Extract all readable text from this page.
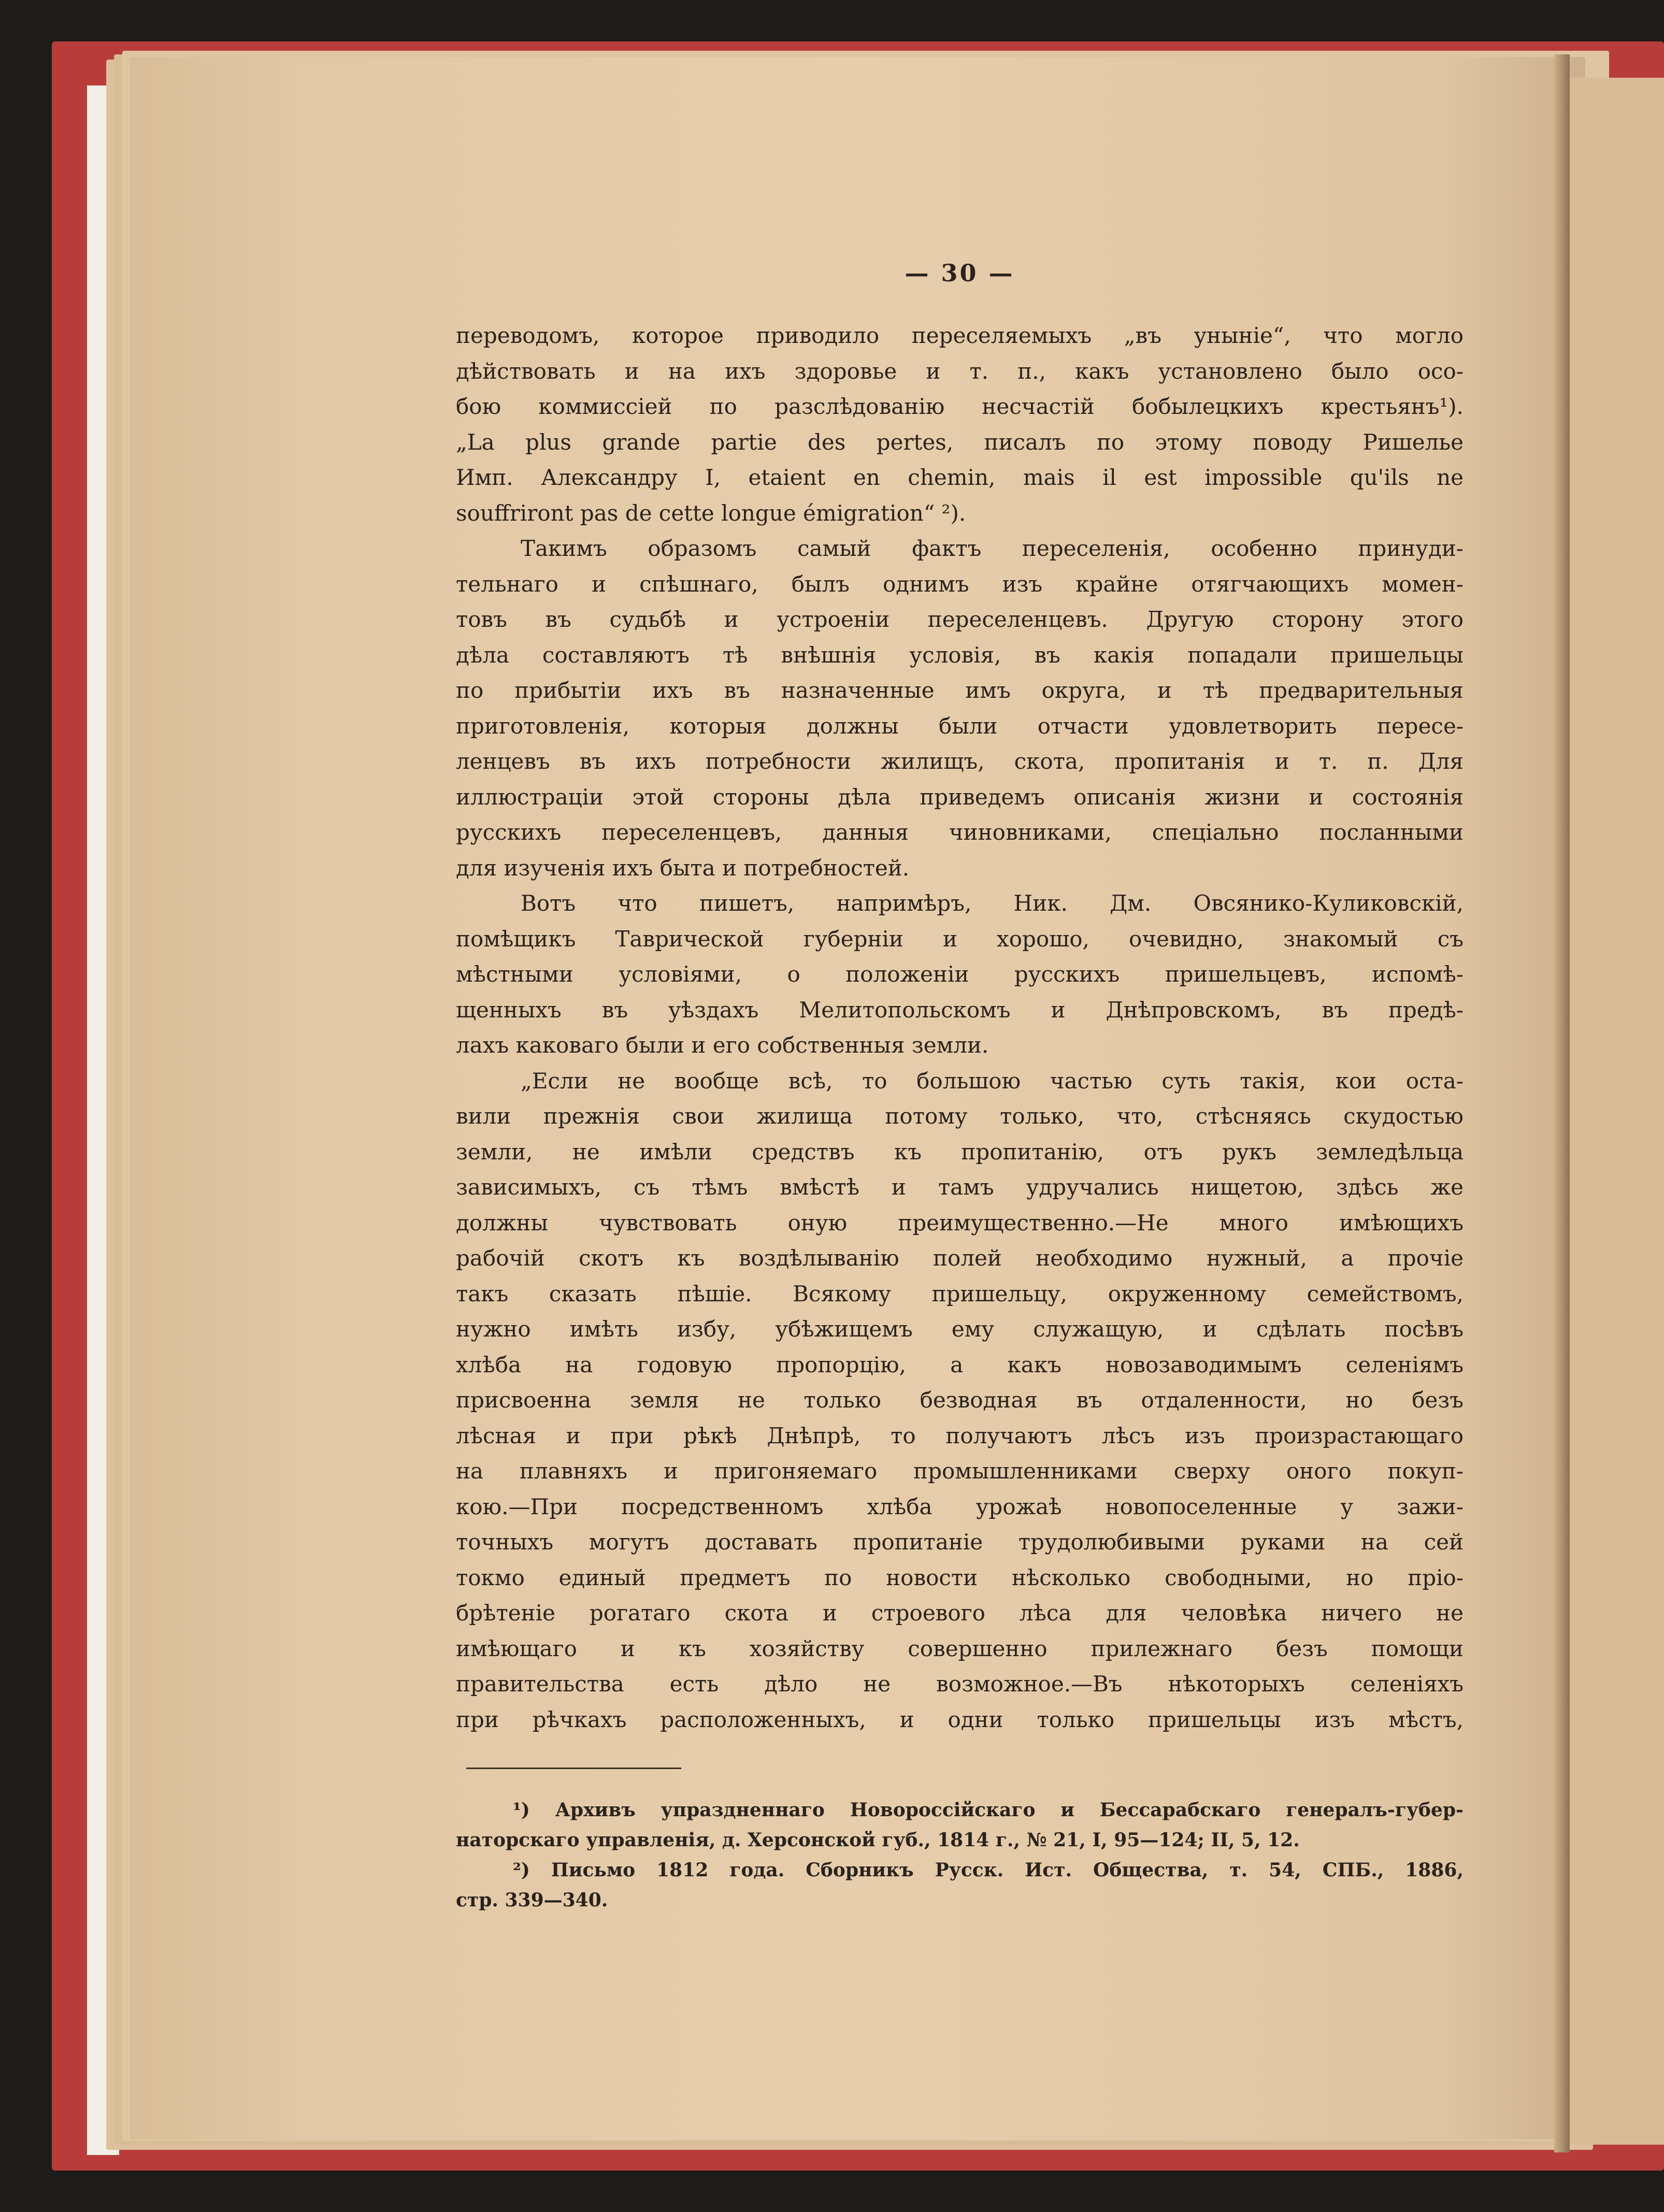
— 30 —

переводомъ, которое приводило переселяемыхъ „въ уныніе“, что могло
дѣйствовать и на ихъ здоровье и т. п., какъ установлено было осо-
бою коммиссіей по разслѣдованію несчастій бобылецкихъ крестьянъ¹).
„La plus grande partie des pertes, писалъ по этому поводу Ришелье
Имп. Александру I, etaient en chemin, mais il est impossible qu'ils ne
souffriront pas de cette longue émigration“ ²).

Такимъ образомъ самый фактъ переселенія, особенно принуди-
тельнаго и спѣшнаго, былъ однимъ изъ крайне отягчающихъ момен-
товъ въ судьбѣ и устроеніи переселенцевъ. Другую сторону этого
дѣла составляютъ тѣ внѣшнія условія, въ какія попадали пришельцы
по прибытіи ихъ въ назначенные имъ округа, и тѣ предварительныя
приготовленія, которыя должны были отчасти удовлетворить пересе-
ленцевъ въ ихъ потребности жилищъ, скота, пропитанія и т. п. Для
иллюстраціи этой стороны дѣла приведемъ описанія жизни и состоянія
русскихъ переселенцевъ, данныя чиновниками, спеціально посланными
для изученія ихъ быта и потребностей.

Вотъ что пишетъ, напримѣръ, Ник. Дм. Овсянико-Куликовскій,
помѣщикъ Таврической губерніи и хорошо, очевидно, знакомый съ
мѣстными условіями, о положеніи русскихъ пришельцевъ, испомѣ-
щенныхъ въ уѣздахъ Мелитопольскомъ и Днѣпровскомъ, въ предѣ-
лахъ каковаго были и его собственныя земли.

„Если не вообще всѣ, то большою частью суть такія, кои оста-
вили прежнія свои жилища потому только, что, стѣсняясь скудостью
земли, не имѣли средствъ къ пропитанію, отъ рукъ земледѣльца
зависимыхъ, съ тѣмъ вмѣстѣ и тамъ удручались нищетою, здѣсь же
должны чувствовать оную преимущественно.—Не много имѣющихъ
рабочій скотъ къ воздѣлыванію полей необходимо нужный, а прочіе
такъ сказать пѣшіе. Всякому пришельцу, окруженному семействомъ,
нужно имѣть избу, убѣжищемъ ему служащую, и сдѣлать посѣвъ
хлѣба на годовую пропорцію, а какъ новозаводимымъ селеніямъ
присвоенна земля не только безводная въ отдаленности, но безъ
лѣсная и при рѣкѣ Днѣпрѣ, то получаютъ лѣсъ изъ произрастающаго
на плавняхъ и пригоняемаго промышленниками сверху оного покуп-
кою.—При посредственномъ хлѣба урожаѣ новопоселенные у зажи-
точныхъ могутъ доставать пропитаніе трудолюбивыми руками на сей
токмо единый предметъ по новости нѣсколько свободными, но пріо-
брѣтеніе рогатаго скота и строевого лѣса для человѣка ничего не
имѣющаго и къ хозяйству совершенно прилежнаго безъ помощи
правительства есть дѣло не возможное.—Въ нѣкоторыхъ селеніяхъ
при рѣчкахъ расположенныхъ, и одни только пришельцы изъ мѣстъ,

¹) Архивъ упраздненнаго Новороссійскаго и Бессарабскаго генералъ-губер-
наторскаго управленія, д. Херсонской губ., 1814 г., № 21, I, 95—124; II, 5, 12.

²) Письмо 1812 года. Сборникъ Русск. Ист. Общества, т. 54, СПБ., 1886,
стр. 339—340.
